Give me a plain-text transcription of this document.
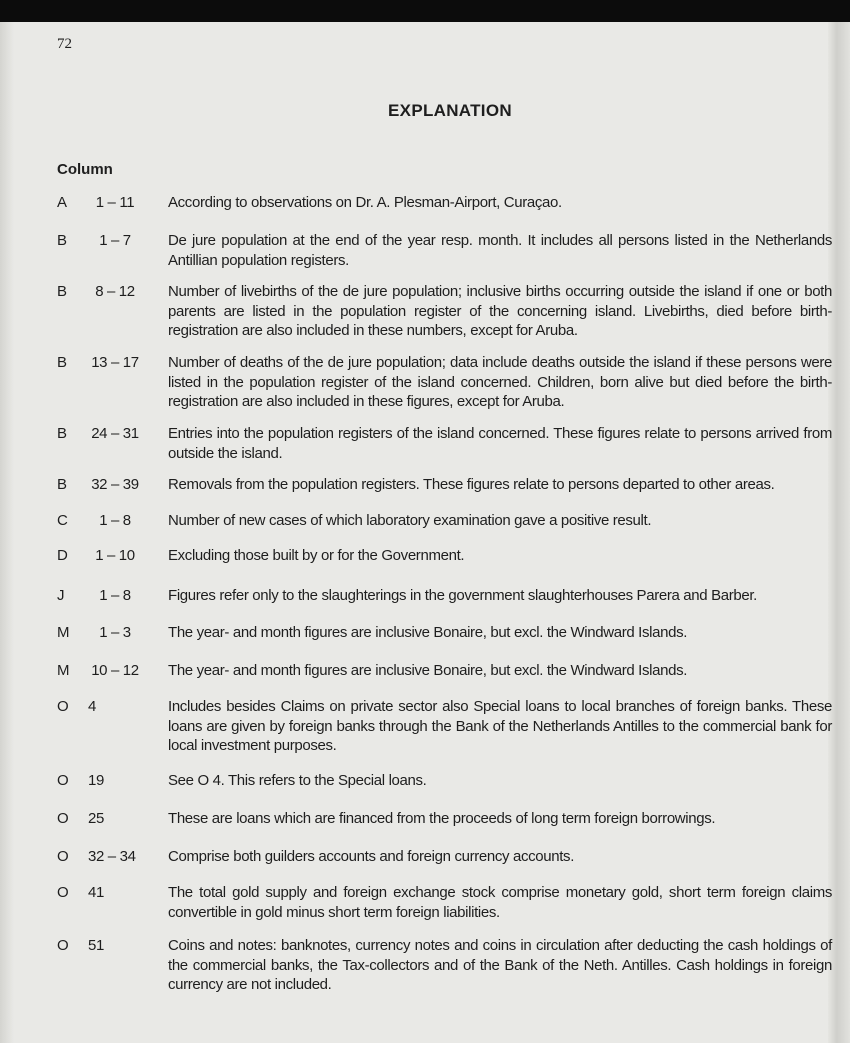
72
EXPLANATION
Column
A	1 – 11	According to observations on Dr. A. Plesman-Airport, Curaçao.
B	1 – 7	De jure population at the end of the year resp. month. It includes all persons listed in the Netherlands Antillian population registers.
B	8 – 12	Number of livebirths of the de jure population; inclusive births occurring outside the island if one or both parents are listed in the population register of the concerning island. Livebirths, died before birth-registration are also included in these numbers, except for Aruba.
B	13 – 17	Number of deaths of the de jure population; data include deaths outside the island if these persons were listed in the population register of the island concerned. Children, born alive but died before the birth-registration are also included in these figures, except for Aruba.
B	24 – 31	Entries into the population registers of the island concerned. These figures relate to persons arrived from outside the island.
B	32 – 39	Removals from the population registers. These figures relate to persons departed to other areas.
C	1 – 8	Number of new cases of which laboratory examination gave a positive result.
D	1 – 10	Excluding those built by or for the Government.
J	1 – 8	Figures refer only to the slaughterings in the government slaughterhouses Parera and Barber.
M	1 – 3	The year- and month figures are inclusive Bonaire, but excl. the Windward Islands.
M	10 – 12	The year- and month figures are inclusive Bonaire, but excl. the Windward Islands.
O 4	Includes besides Claims on private sector also Special loans to local branches of foreign banks. These loans are given by foreign banks through the Bank of the Netherlands Antilles to the commercial bank for local investment purposes.
O 19	See O 4. This refers to the Special loans.
O 25	These are loans which are financed from the proceeds of long term foreign borrowings.
O 32 – 34	Comprise both guilders accounts and foreign currency accounts.
O 41	The total gold supply and foreign exchange stock comprise monetary gold, short term foreign claims convertible in gold minus short term foreign liabilities.
O 51	Coins and notes: banknotes, currency notes and coins in circulation after deducting the cash holdings of the commercial banks, the Tax-collectors and of the Bank of the Neth. Antilles. Cash holdings in foreign currency are not included.
